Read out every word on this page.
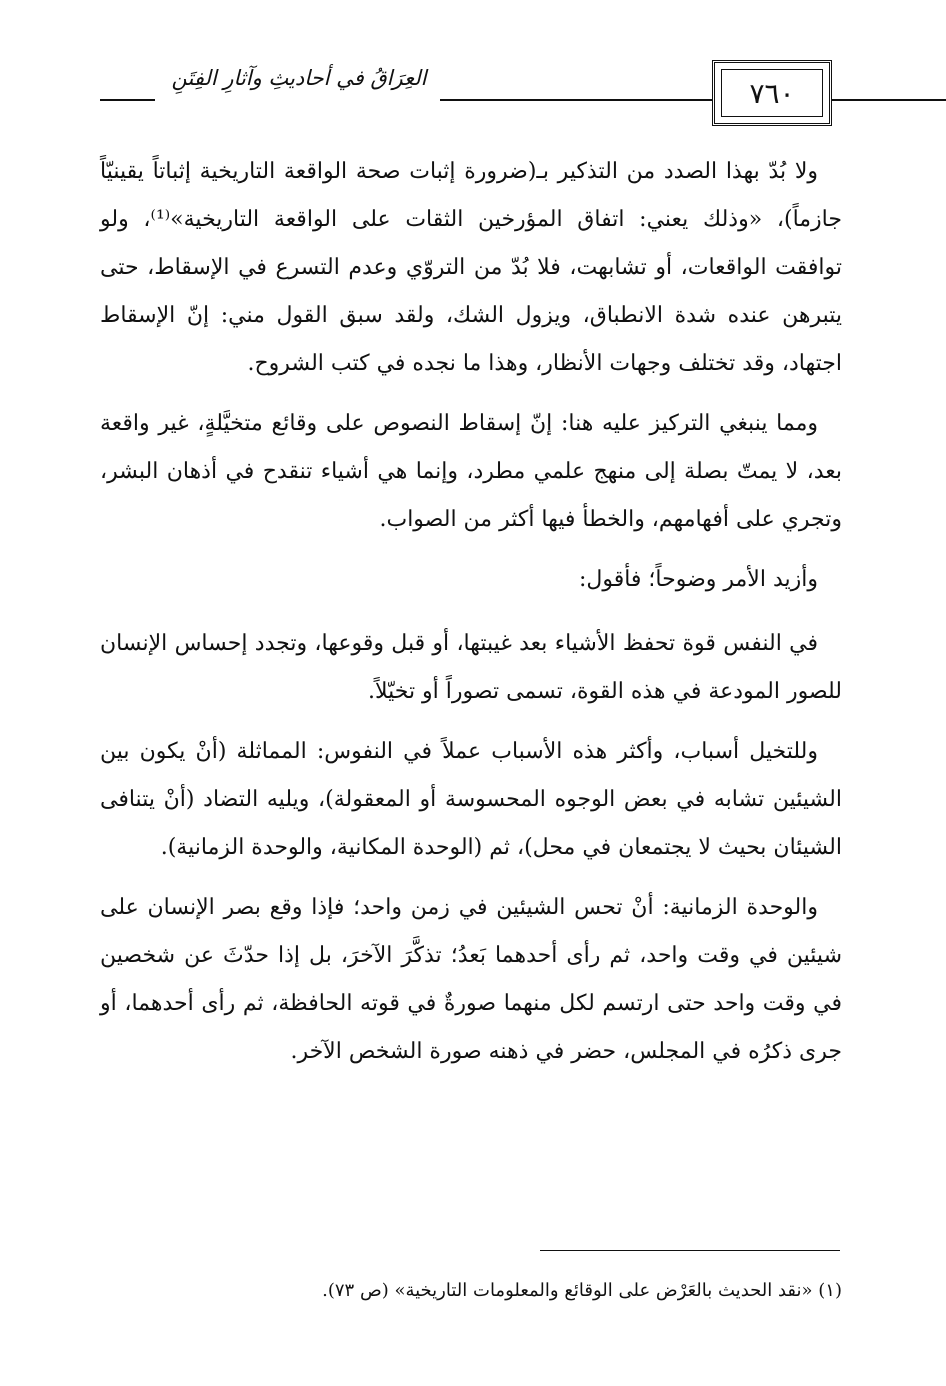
العِرَاقُ في أحاديثِ وآثارِ الفِتَنِ	٧٦٠

ولا بُدّ بهذا الصدد من التذكير بـ(ضرورة إثبات صحة الواقعة التاريخية إثباتاً يقينيّاً جازماً)، «وذلك يعني: اتفاق المؤرخين الثقات على الواقعة التاريخية»⁽¹⁾، ولو توافقت الواقعات، أو تشابهت، فلا بُدّ من التروّي وعدم التسرع في الإسقاط، حتى يتبرهن عنده شدة الانطباق، ويزول الشك، ولقد سبق القول مني: إنّ الإسقاط اجتهاد، وقد تختلف وجهات الأنظار، وهذا ما نجده في كتب الشروح.

ومما ينبغي التركيز عليه هنا: إنّ إسقاط النصوص على وقائع متخيَّلةٍ، غير واقعة بعد، لا يمتّ بصلة إلى منهج علمي مطرد، وإنما هي أشياء تنقدح في أذهان البشر، وتجري على أفهامهم، والخطأ فيها أكثر من الصواب.

وأزيد الأمر وضوحاً؛ فأقول:

في النفس قوة تحفظ الأشياء بعد غيبتها، أو قبل وقوعها، وتجدد إحساس الإنسان للصور المودعة في هذه القوة، تسمى تصوراً أو تخيّلاً.

وللتخيل أسباب، وأكثر هذه الأسباب عملاً في النفوس: المماثلة (أنْ يكون بين الشيئين تشابه في بعض الوجوه المحسوسة أو المعقولة)، ويليه التضاد (أنْ يتنافى الشيئان بحيث لا يجتمعان في محل)، ثم (الوحدة المكانية، والوحدة الزمانية).

والوحدة الزمانية: أنْ تحس الشيئين في زمن واحد؛ فإذا وقع بصر الإنسان على شيئين في وقت واحد، ثم رأى أحدهما بَعدُ؛ تذكَّرَ الآخرَ، بل إذا حدّثَ عن شخصين في وقت واحد حتى ارتسم لكل منهما صورةٌ في قوته الحافظة، ثم رأى أحدهما، أو جرى ذكرُه في المجلس، حضر في ذهنه صورة الشخص الآخر.

(١) «نقد الحديث بالعَرْض على الوقائع والمعلومات التاريخية» (ص ٧٣).
